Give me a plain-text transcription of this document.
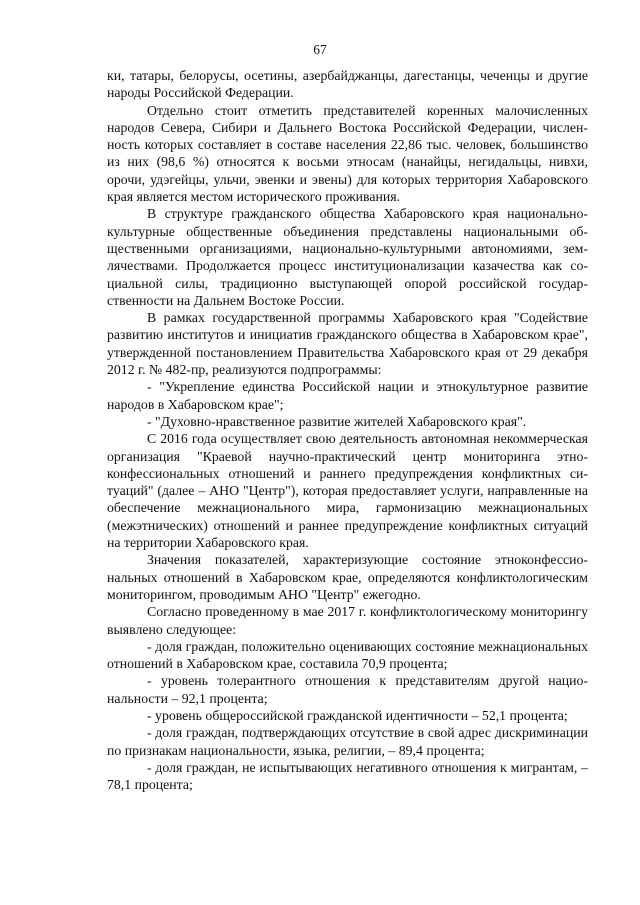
67

ки, татары, белорусы, осетины, азербайджанцы, дагестанцы, чеченцы и другие народы Российской Федерации.

Отдельно стоит отметить представителей коренных малочисленных народов Севера, Сибири и Дальнего Востока Российской Федерации, численность которых составляет в составе населения 22,86 тыс. человек, большинство из них (98,6 %) относятся к восьми этносам (нанайцы, негидальцы, нивхи, орочи, удэгейцы, ульчи, эвенки и эвены) для которых территория Хабаровского края является местом исторического проживания.

В структуре гражданского общества Хабаровского края национально-культурные общественные объединения представлены национальными общественными организациями, национально-культурными автономиями, землячествами. Продолжается процесс институционализации казачества как социальной силы, традиционно выступающей опорой российской государственности на Дальнем Востоке России.

В рамках государственной программы Хабаровского края "Содействие развитию институтов и инициатив гражданского общества в Хабаровском крае", утвержденной постановлением Правительства Хабаровского края от 29 декабря 2012 г. № 482-пр, реализуются подпрограммы:

- "Укрепление единства Российской нации и этнокультурное развитие народов в Хабаровском крае";

- "Духовно-нравственное развитие жителей Хабаровского края".

С 2016 года осуществляет свою деятельность автономная некоммерческая организация "Краевой научно-практический центр мониторинга этноконфессиональных отношений и раннего предупреждения конфликтных ситуаций" (далее – АНО "Центр"), которая предоставляет услуги, направленные на обеспечение межнационального мира, гармонизацию межнациональных (межэтнических) отношений и раннее предупреждение конфликтных ситуаций на территории Хабаровского края.

Значения показателей, характеризующие состояние этноконфессиональных отношений в Хабаровском крае, определяются конфликтологическим мониторингом, проводимым АНО "Центр" ежегодно.

Согласно проведенному в мае 2017 г. конфликтологическому мониторингу выявлено следующее:

- доля граждан, положительно оценивающих состояние межнациональных отношений в Хабаровском крае, составила 70,9 процента;

- уровень толерантного отношения к представителям другой национальности – 92,1 процента;

- уровень общероссийской гражданской идентичности – 52,1 процента;

- доля граждан, подтверждающих отсутствие в свой адрес дискриминации по признакам национальности, языка, религии, – 89,4 процента;

- доля граждан, не испытывающих негативного отношения к мигрантам, – 78,1 процента;
